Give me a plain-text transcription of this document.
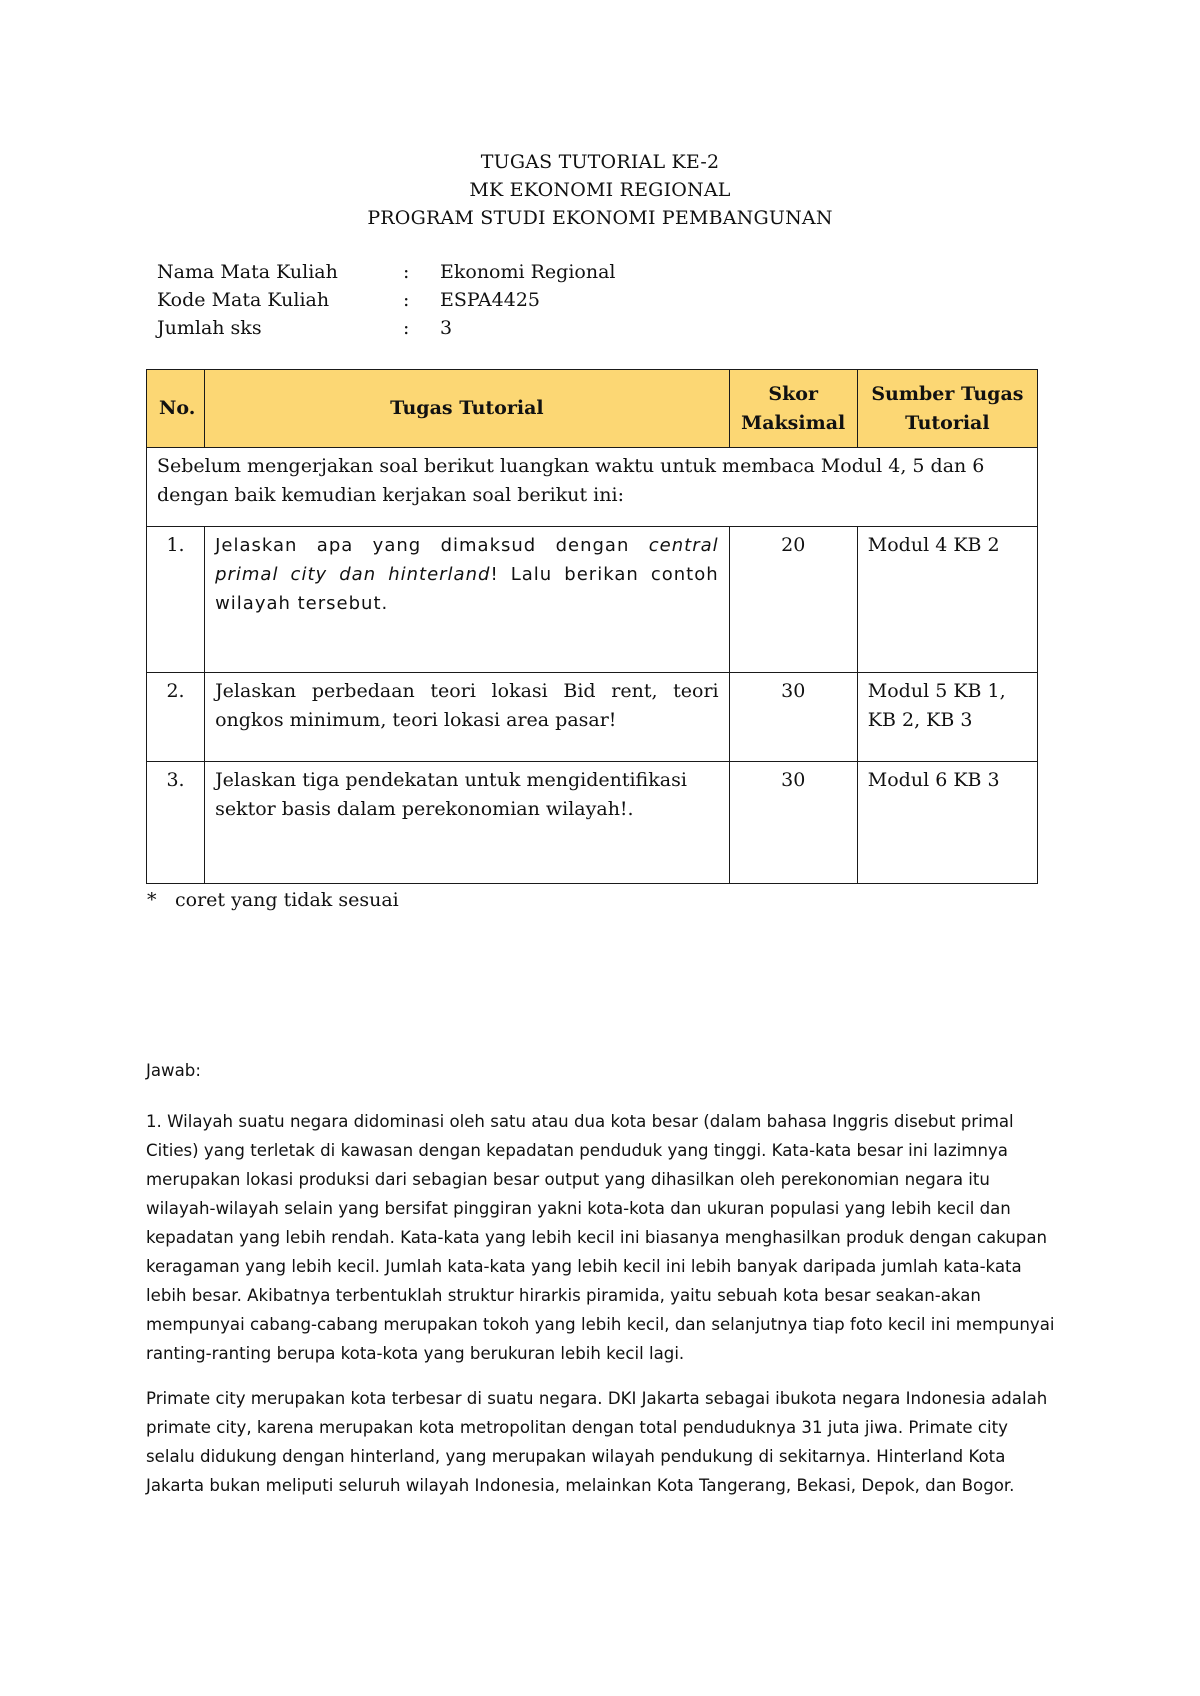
TUGAS TUTORIAL KE-2
MK EKONOMI REGIONAL
PROGRAM STUDI EKONOMI PEMBANGUNAN
Nama Mata Kuliah	:	Ekonomi Regional
Kode Mata Kuliah	:	ESPA4425
Jumlah sks	:	3
No.	Tugas Tutorial	Skor Maksimal	Sumber Tugas Tutorial
Sebelum mengerjakan soal berikut luangkan waktu untuk membaca Modul 4, 5 dan 6 dengan baik kemudian kerjakan soal berikut ini:			
1.	Jelaskan apa yang dimaksud dengan central primal city dan hinterland! Lalu berikan contoh wilayah tersebut.	20	Modul 4 KB 2
2.	Jelaskan perbedaan teori lokasi Bid rent, teori ongkos minimum, teori lokasi area pasar!	30	Modul 5 KB 1, KB 2, KB 3
3.	Jelaskan tiga pendekatan untuk mengidentifikasi sektor basis dalam perekonomian wilayah!.	30	Modul 6 KB 3
* coret yang tidak sesuai

Jawab:

1. Wilayah suatu negara didominasi oleh satu atau dua kota besar (dalam bahasa Inggris disebut primal Cities) yang terletak di kawasan dengan kepadatan penduduk yang tinggi. Kata-kata besar ini lazimnya merupakan lokasi produksi dari sebagian besar output yang dihasilkan oleh perekonomian negara itu wilayah-wilayah selain yang bersifat pinggiran yakni kota-kota dan ukuran populasi yang lebih kecil dan kepadatan yang lebih rendah. Kata-kata yang lebih kecil ini biasanya menghasilkan produk dengan cakupan keragaman yang lebih kecil. Jumlah kata-kata yang lebih kecil ini lebih banyak daripada jumlah kata-kata lebih besar. Akibatnya terbentuklah struktur hirarkis piramida, yaitu sebuah kota besar seakan-akan mempunyai cabang-cabang merupakan tokoh yang lebih kecil, dan selanjutnya tiap foto kecil ini mempunyai ranting-ranting berupa kota-kota yang berukuran lebih kecil lagi.

Primate city merupakan kota terbesar di suatu negara. DKI Jakarta sebagai ibukota negara Indonesia adalah primate city, karena merupakan kota metropolitan dengan total penduduknya 31 juta jiwa. Primate city selalu didukung dengan hinterland, yang merupakan wilayah pendukung di sekitarnya. Hinterland Kota Jakarta bukan meliputi seluruh wilayah Indonesia, melainkan Kota Tangerang, Bekasi, Depok, dan Bogor.
